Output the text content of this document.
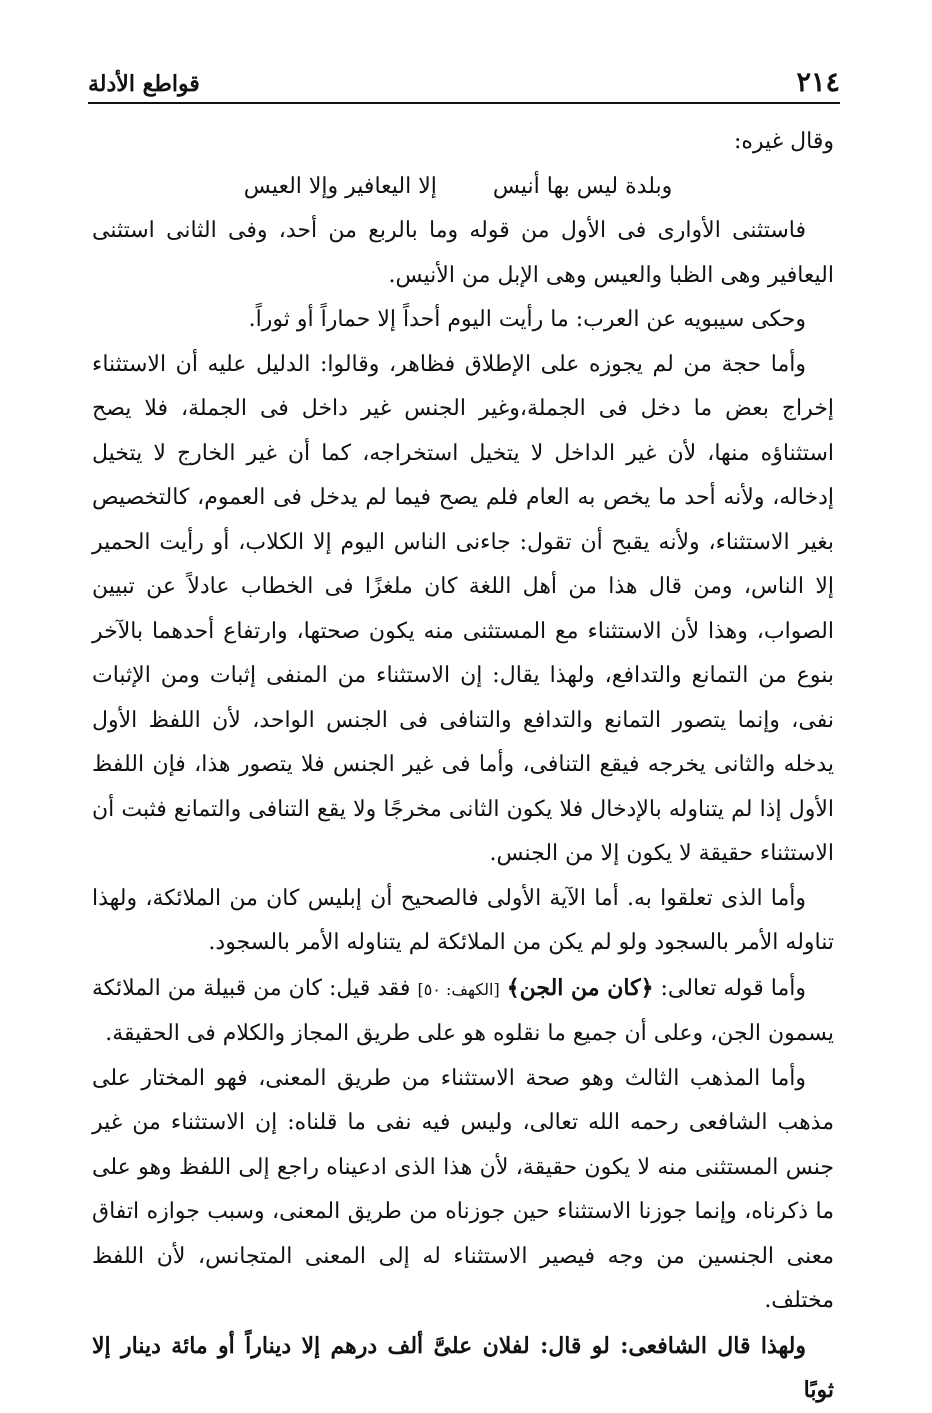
٢١٤
قواطع الأدلة

وقال غيره:

وبلدة ليس بها أنيس
إلا اليعافير وإلا العيس

فاستثنى الأوارى فى الأول من قوله وما بالربع من أحد، وفى الثانى استثنى اليعافير وهى الظبا والعيس وهى الإبل من الأنيس.

وحكى سيبويه عن العرب: ما رأيت اليوم أحداً إلا حماراً أو ثوراً.

وأما حجة من لم يجوزه على الإطلاق فظاهر، وقالوا: الدليل عليه أن الاستثناء إخراج بعض ما دخل فى الجملة،وغير الجنس غير داخل فى الجملة، فلا يصح استثناؤه منها، لأن غير الداخل لا يتخيل استخراجه، كما أن غير الخارج لا يتخيل إدخاله، ولأنه أحد ما يخص به العام فلم يصح فيما لم يدخل فى العموم، كالتخصيص بغير الاستثناء، ولأنه يقبح أن تقول: جاءنى الناس اليوم إلا الكلاب، أو رأيت الحمير إلا الناس، ومن قال هذا من أهل اللغة كان ملغزًا فى الخطاب عادلاً عن تبيين الصواب، وهذا لأن الاستثناء مع المستثنى منه يكون صحتها، وارتفاع أحدهما بالآخر بنوع من التمانع والتدافع، ولهذا يقال: إن الاستثناء من المنفى إثبات ومن الإثبات نفى، وإنما يتصور التمانع والتدافع والتنافى فى الجنس الواحد، لأن اللفظ الأول يدخله والثانى يخرجه فيقع التنافى، وأما فى غير الجنس فلا يتصور هذا، فإن اللفظ الأول إذا لم يتناوله بالإدخال فلا يكون الثانى مخرجًا ولا يقع التنافى والتمانع فثبت أن الاستثناء حقيقة لا يكون إلا من الجنس.

وأما الذى تعلقوا به. أما الآية الأولى فالصحيح أن إبليس كان من الملائكة، ولهذا تناوله الأمر بالسجود ولو لم يكن من الملائكة لم يتناوله الأمر بالسجود.

وأما قوله تعالى: ﴿كان من الجن﴾ [الكهف: ٥٠] فقد قيل: كان من قبيلة من الملائكة يسمون الجن، وعلى أن جميع ما نقلوه هو على طريق المجاز والكلام فى الحقيقة.

وأما المذهب الثالث وهو صحة الاستثناء من طريق المعنى، فهو المختار على مذهب الشافعى رحمه الله تعالى، وليس فيه نفى ما قلناه: إن الاستثناء من غير جنس المستثنى منه لا يكون حقيقة، لأن هذا الذى ادعيناه راجع إلى اللفظ وهو على ما ذكرناه، وإنما جوزنا الاستثناء حين جوزناه من طريق المعنى، وسبب جوازه اتفاق معنى الجنسين من وجه فيصير الاستثناء له إلى المعنى المتجانس، لأن اللفظ مختلف.

ولهذا قال الشافعى: لو قال: لفلان علىَّ ألف درهم إلا ديناراً أو مائة دينار إلا ثوبًا
